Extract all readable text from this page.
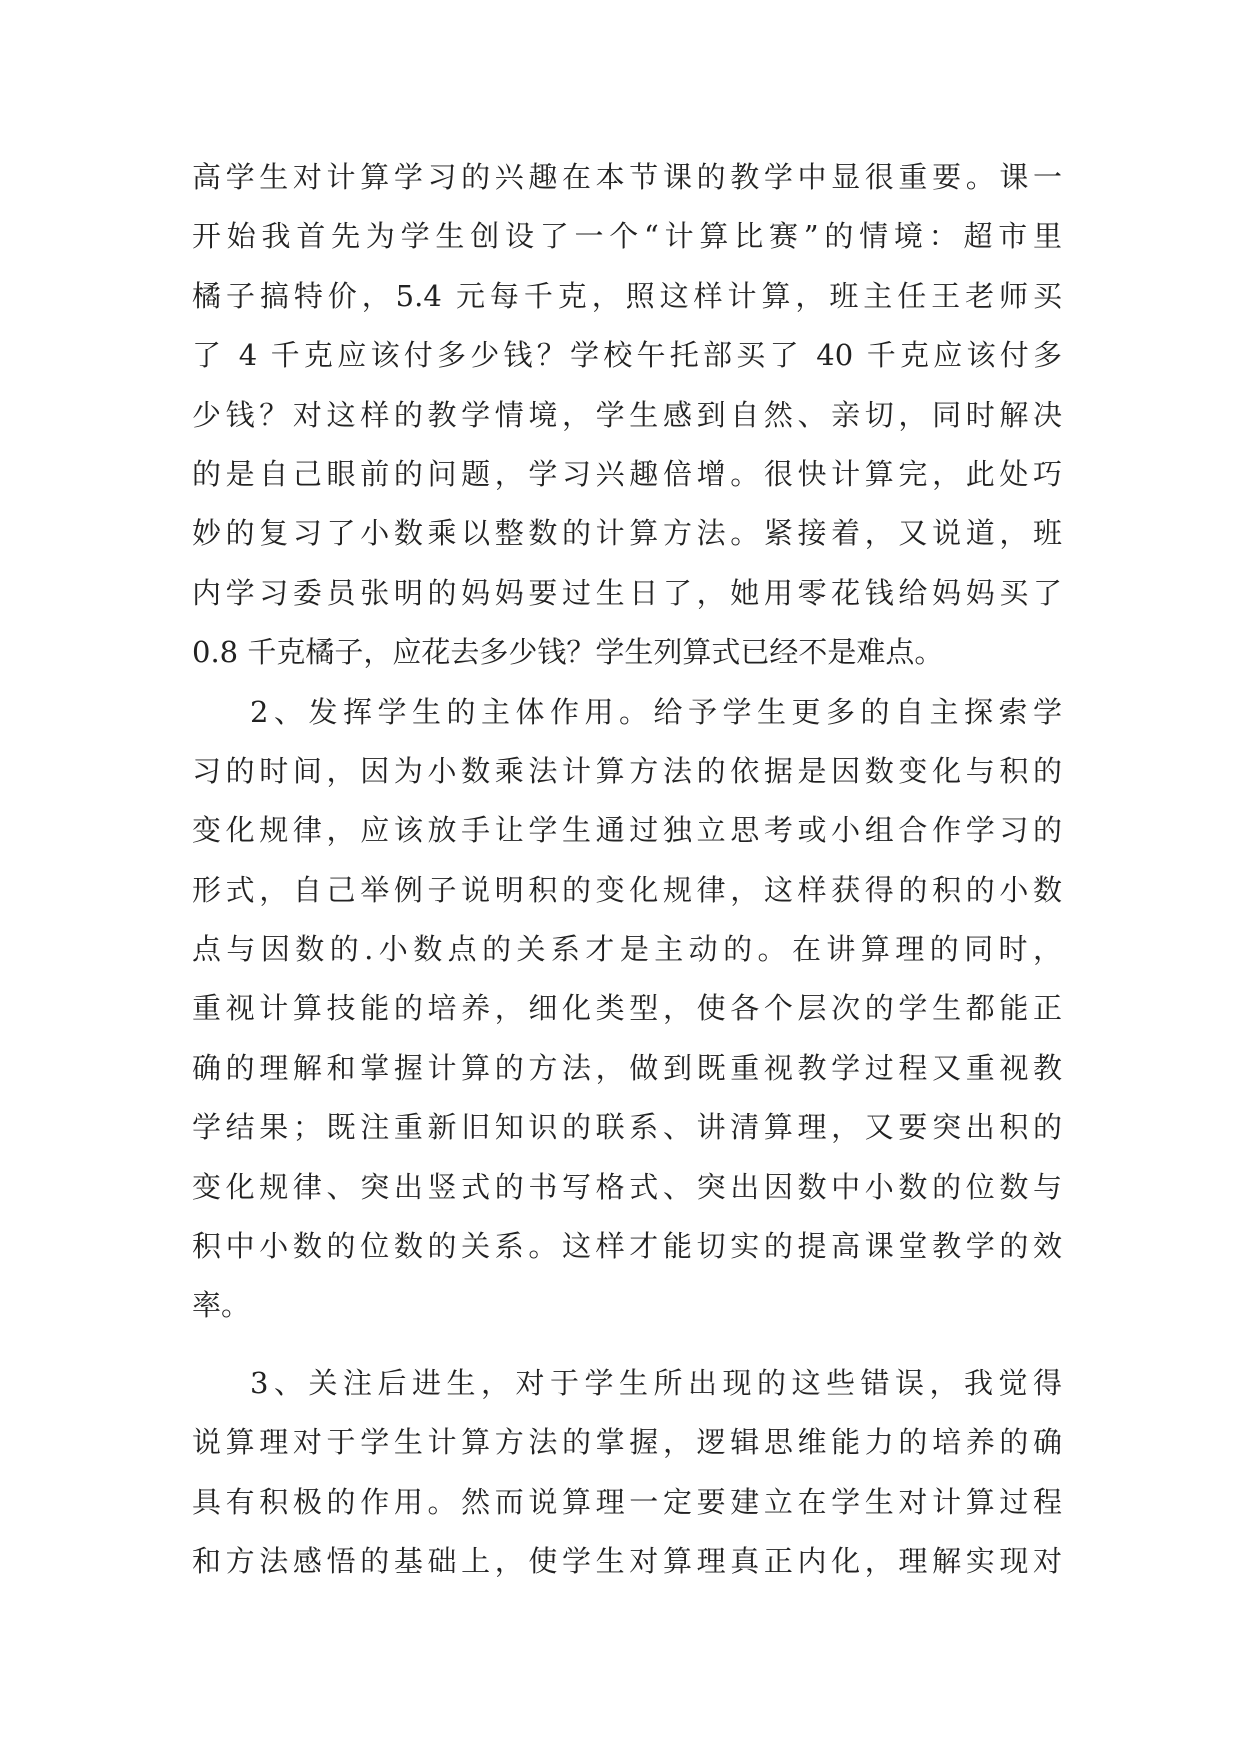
高学生对计算学习的兴趣在本节课的教学中显很重要。课一
开始我首先为学生创设了一个“计算比赛”的情境：超市里
橘子搞特价，5.4 元每千克，照这样计算，班主任王老师买
了 4 千克应该付多少钱？学校午托部买了 40 千克应该付多
少钱？对这样的教学情境，学生感到自然、亲切，同时解决
的是自己眼前的问题，学习兴趣倍增。很快计算完，此处巧
妙的复习了小数乘以整数的计算方法。紧接着，又说道，班
内学习委员张明的妈妈要过生日了，她用零花钱给妈妈买了
0.8 千克橘子，应花去多少钱？学生列算式已经不是难点。
2、发挥学生的主体作用。给予学生更多的自主探索学
习的时间，因为小数乘法计算方法的依据是因数变化与积的
变化规律，应该放手让学生通过独立思考或小组合作学习的
形式，自己举例子说明积的变化规律，这样获得的积的小数
点与因数的.小数点的关系才是主动的。在讲算理的同时，
重视计算技能的培养，细化类型，使各个层次的学生都能正
确的理解和掌握计算的方法，做到既重视教学过程又重视教
学结果；既注重新旧知识的联系、讲清算理，又要突出积的
变化规律、突出竖式的书写格式、突出因数中小数的位数与
积中小数的位数的关系。这样才能切实的提高课堂教学的效
率。
3、关注后进生，对于学生所出现的这些错误，我觉得
说算理对于学生计算方法的掌握，逻辑思维能力的培养的确
具有积极的作用。然而说算理一定要建立在学生对计算过程
和方法感悟的基础上，使学生对算理真正内化，理解实现对
